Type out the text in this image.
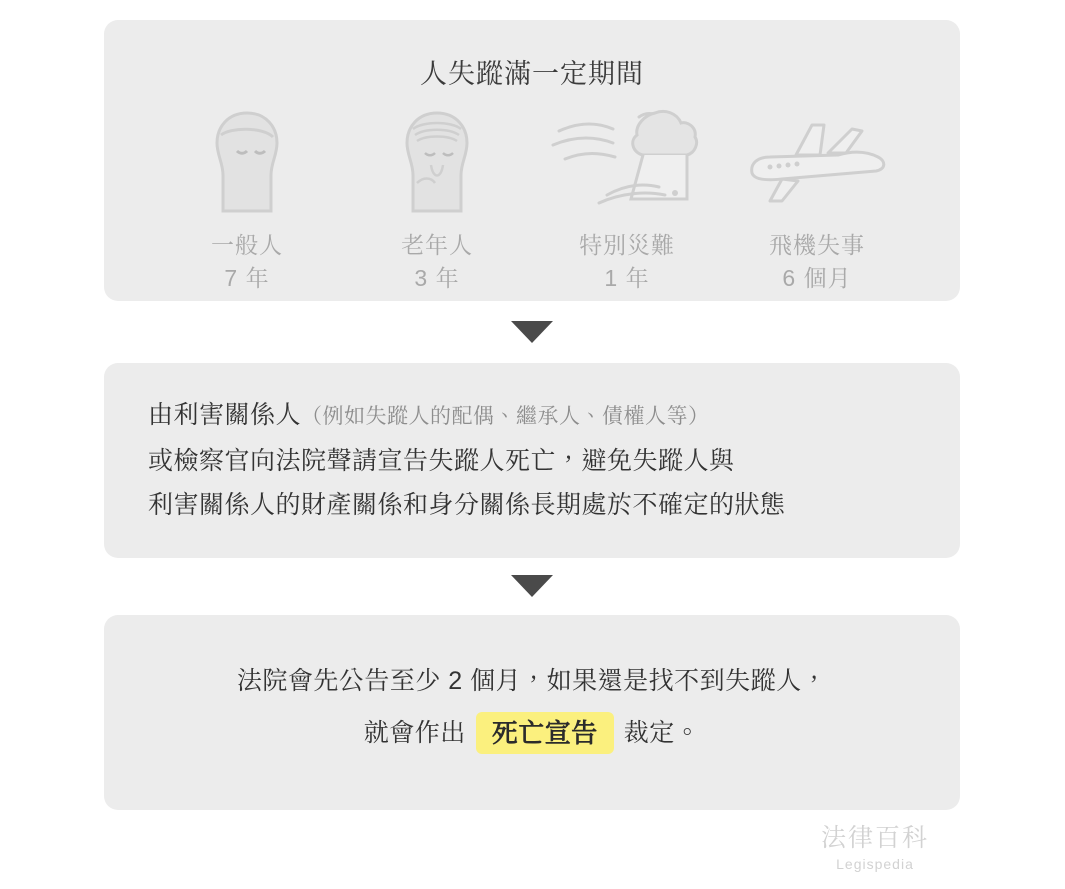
人失蹤滿一定期間
一般人
7 年
老年人
3 年
特別災難
1 年
飛機失事
6 個月
由利害關係人（例如失蹤人的配偶、繼承人、債權人等）
或檢察官向法院聲請宣告失蹤人死亡，避免失蹤人與
利害關係人的財產關係和身分關係長期處於不確定的狀態
法院會先公告至少 2 個月，如果還是找不到失蹤人，
就會作出	死亡宣告	裁定。
法律百科
Legispedia
